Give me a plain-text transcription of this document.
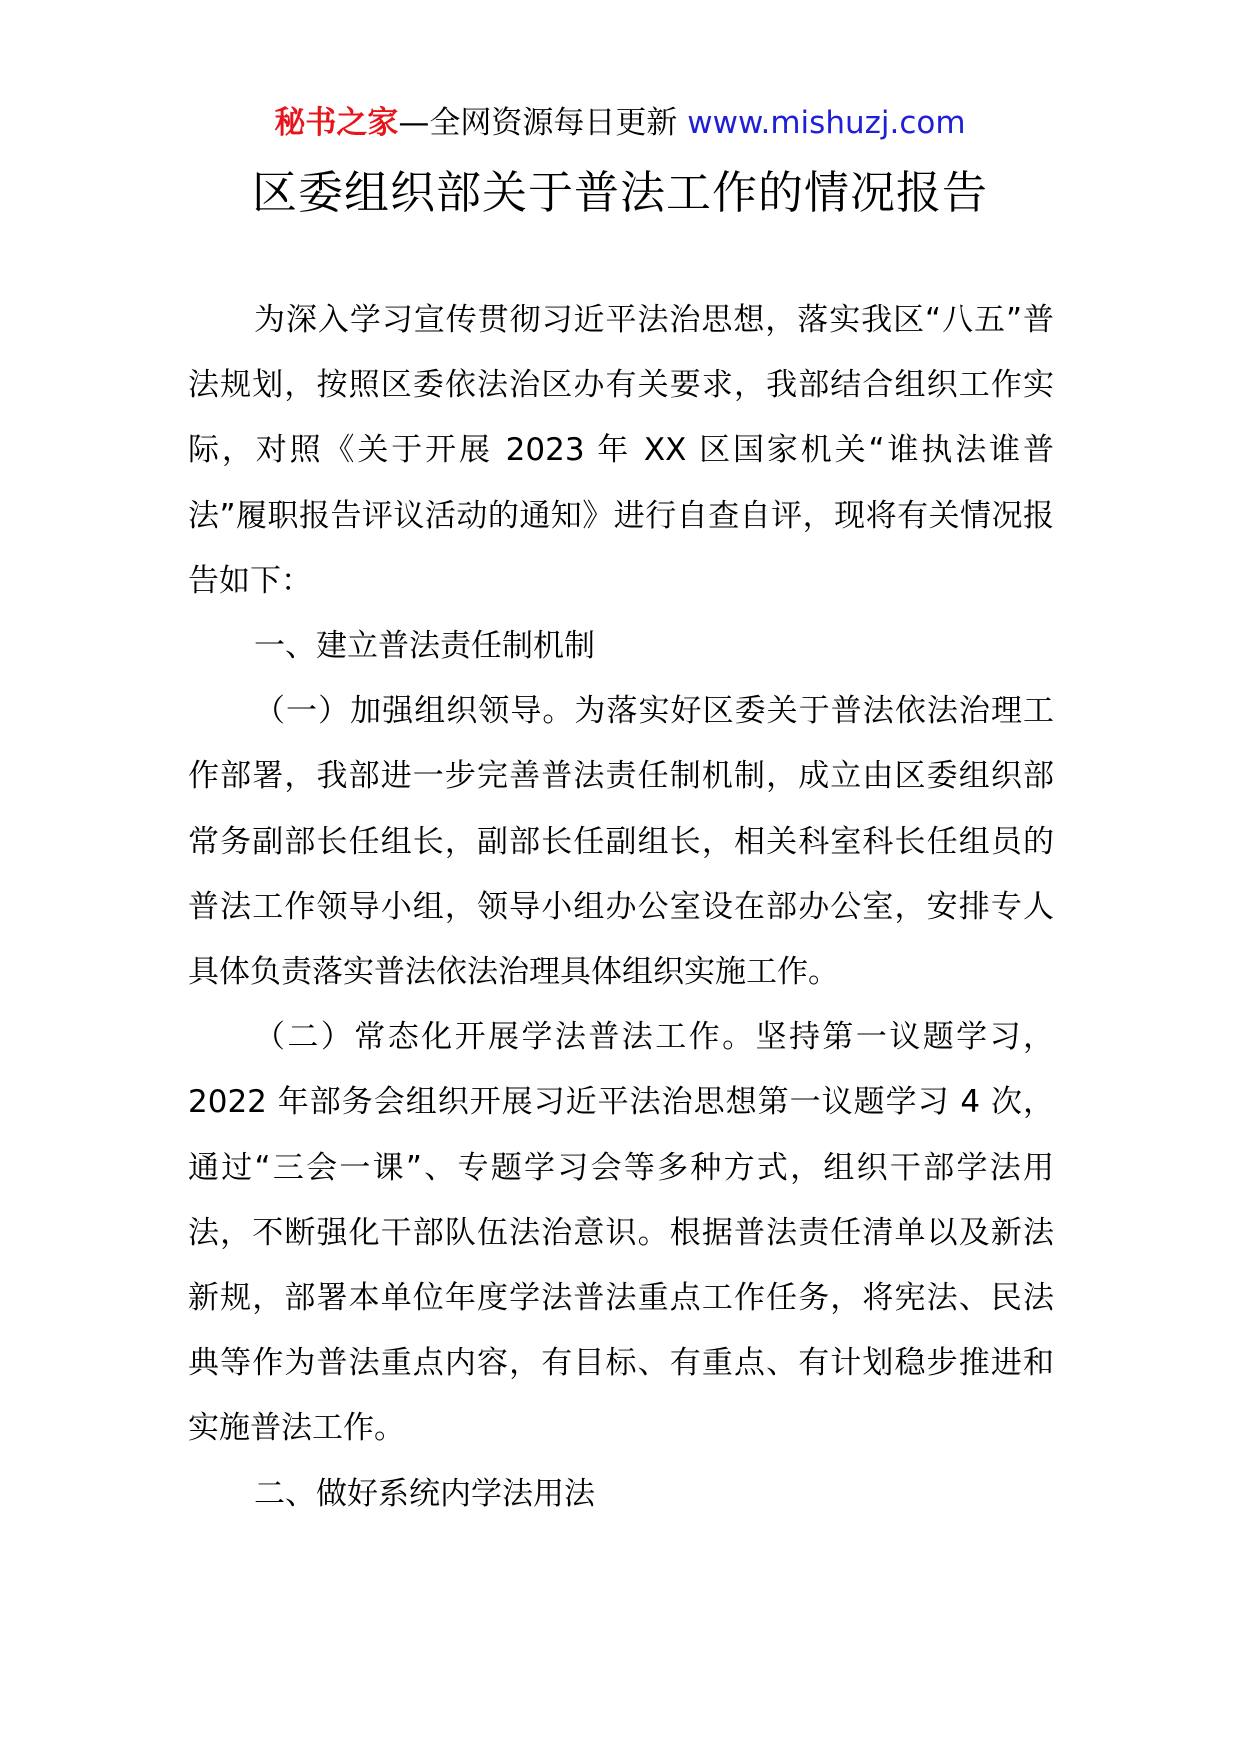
秘书之家—全网资源每日更新 www.mishuzj.com
区委组织部关于普法工作的情况报告

为深入学习宣传贯彻习近平法治思想，落实我区“八五”普法规划，按照区委依法治区办有关要求，我部结合组织工作实际，对照《关于开展 2023 年 XX 区国家机关“谁执法谁普法”履职报告评议活动的通知》进行自查自评，现将有关情况报告如下：

一、建立普法责任制机制

（一）加强组织领导。为落实好区委关于普法依法治理工作部署，我部进一步完善普法责任制机制，成立由区委组织部常务副部长任组长，副部长任副组长，相关科室科长任组员的普法工作领导小组，领导小组办公室设在部办公室，安排专人具体负责落实普法依法治理具体组织实施工作。

（二）常态化开展学法普法工作。坚持第一议题学习，2022 年部务会组织开展习近平法治思想第一议题学习 4 次，通过“三会一课”、专题学习会等多种方式，组织干部学法用法，不断强化干部队伍法治意识。根据普法责任清单以及新法新规，部署本单位年度学法普法重点工作任务，将宪法、民法典等作为普法重点内容，有目标、有重点、有计划稳步推进和实施普法工作。

二、做好系统内学法用法
